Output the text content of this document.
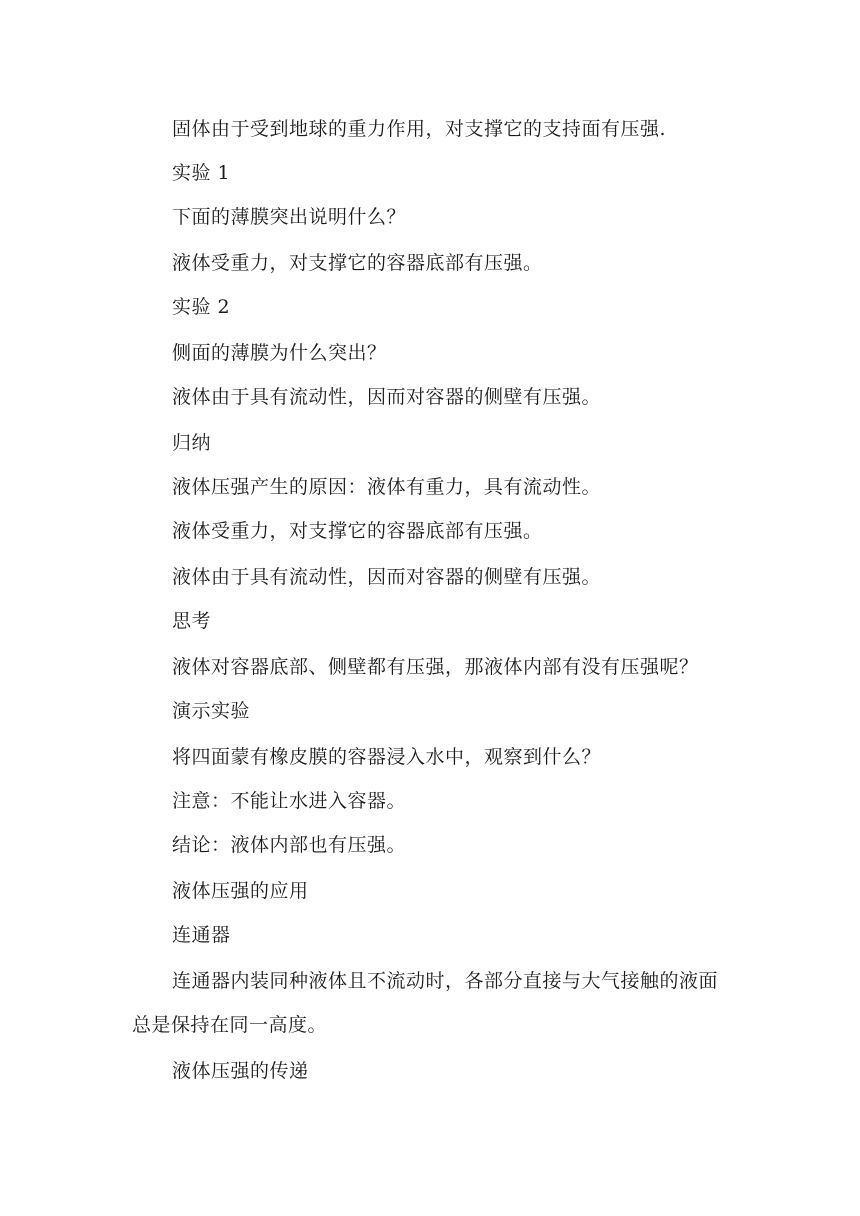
固体由于受到地球的重力作用，对支撑它的支持面有压强.
实验 1
下面的薄膜突出说明什么？
液体受重力，对支撑它的容器底部有压强。
实验 2
侧面的薄膜为什么突出？
液体由于具有流动性，因而对容器的侧壁有压强。
归纳
液体压强产生的原因：液体有重力，具有流动性。
液体受重力，对支撑它的容器底部有压强。
液体由于具有流动性，因而对容器的侧壁有压强。
思考
液体对容器底部、侧壁都有压强，那液体内部有没有压强呢？
演示实验
将四面蒙有橡皮膜的容器浸入水中，观察到什么？
注意：不能让水进入容器。
结论：液体内部也有压强。
液体压强的应用
连通器
连通器内装同种液体且不流动时，各部分直接与大气接触的液面
总是保持在同一高度。
液体压强的传递
